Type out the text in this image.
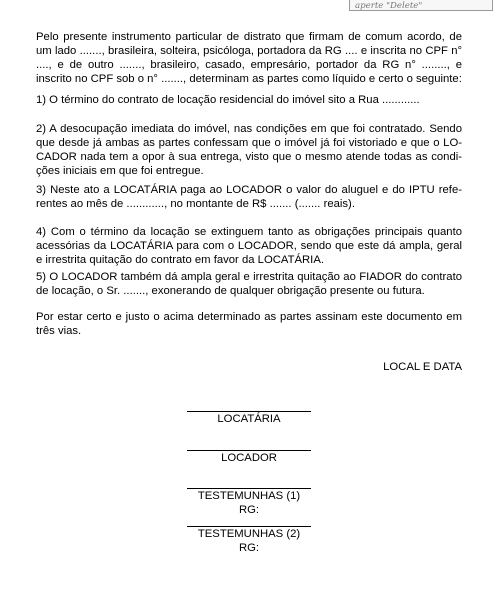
aperte "Delete"

Pelo presente instrumento particular de distrato que firmam de comum acordo, de um lado ......., brasileira, solteira, psicóloga, portadora da RG .... e inscrita no CPF n° ...., e de outro ......., brasileiro, casado, empresário, portador da RG n° ........, e inscrito no CPF sob o n° ......., determinam as partes como líquido e certo o seguinte:

1) O término do contrato de locação residencial do imóvel sito a Rua ............

2) A desocupação imediata do imóvel, nas condições em que foi contratado. Sendo que desde já ambas as partes confessam que o imóvel já foi vistoriado e que o LO-CADOR nada tem a opor à sua entrega, visto que o mesmo atende todas as condi-ções iniciais em que foi entregue.

3) Neste ato a LOCATÁRIA paga ao LOCADOR o valor do aluguel e do IPTU refe-rentes ao mês de ............, no montante de R$ ....... (....... reais).

4) Com o término da locação se extinguem tanto as obrigações principais quanto acessórias da LOCATÁRIA para com o LOCADOR, sendo que este dá ampla, geral e irrestrita quitação do contrato em favor da LOCATÁRIA.

5) O LOCADOR também dá ampla geral e irrestrita quitação ao FIADOR do contrato de locação, o Sr. ......., exonerando de qualquer obrigação presente ou futura.

Por estar certo e justo o acima determinado as partes assinam este documento em três vias.

LOCAL E DATA
LOCATÁRIA
LOCADOR
TESTEMUNHAS (1)
RG:
TESTEMUNHAS (2)
RG:
